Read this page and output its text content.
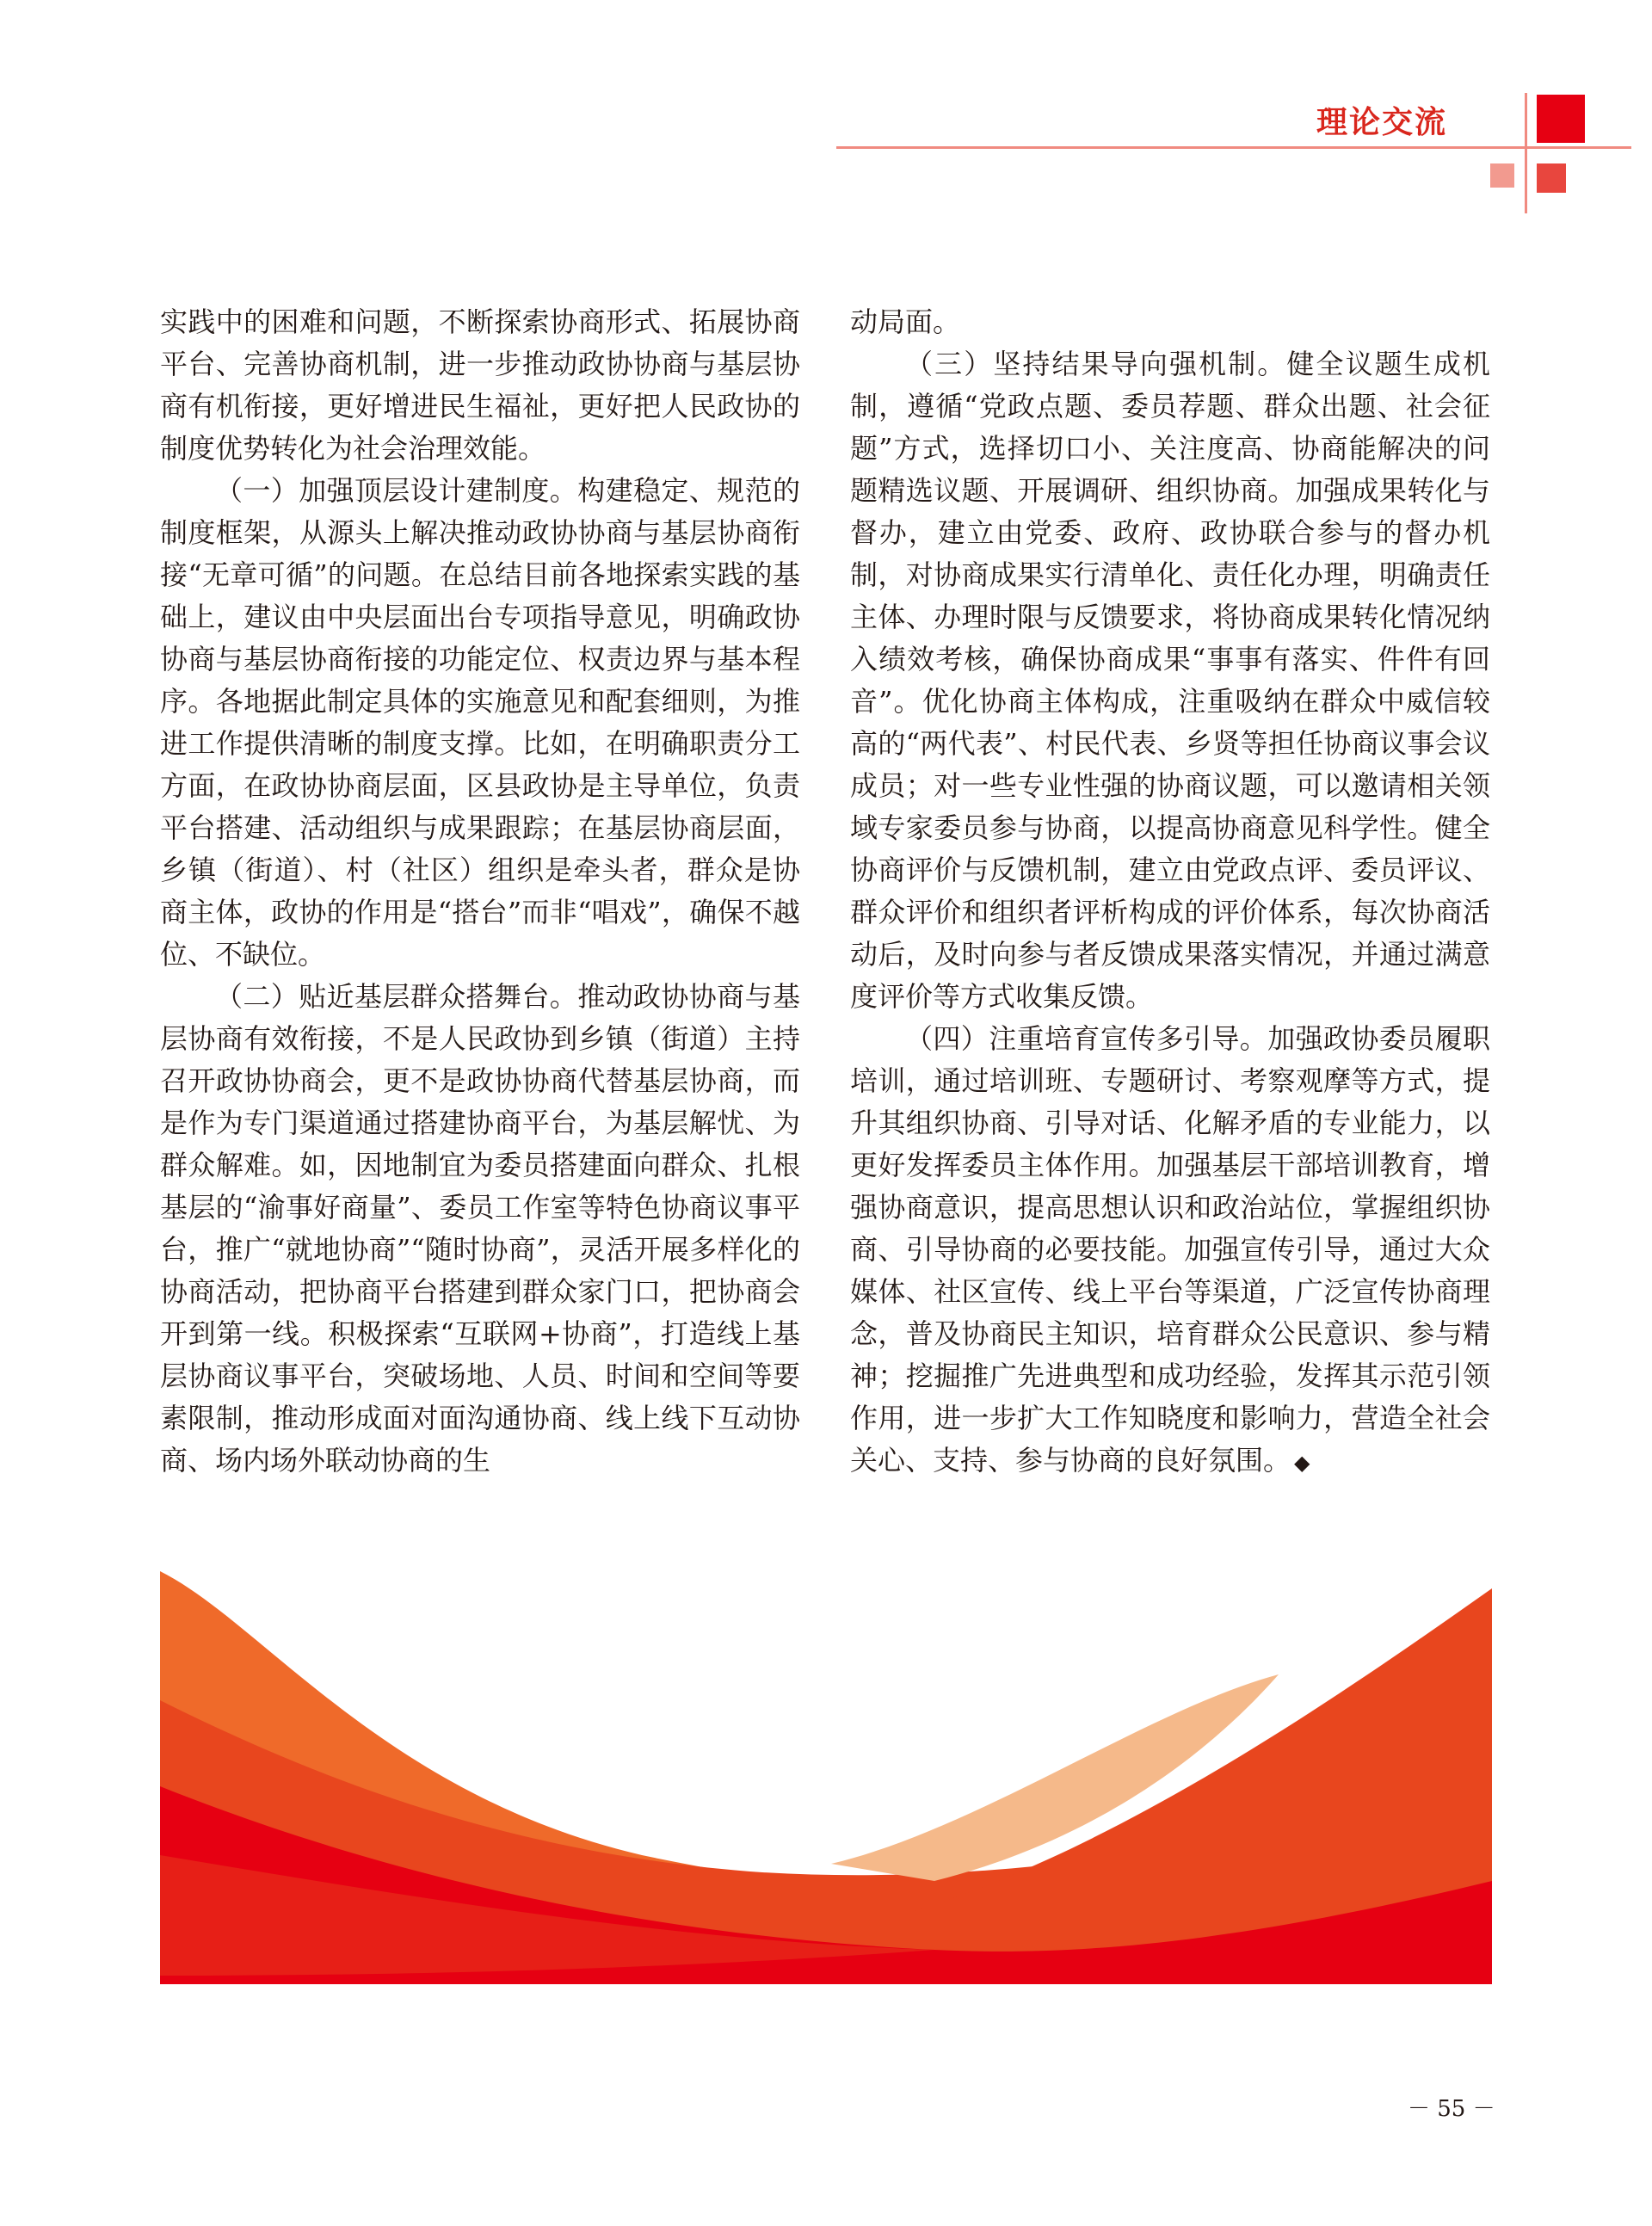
理论交流

实践中的困难和问题，不断探索协商形式、拓展协商平台、完善协商机制，进一步推动政协协商与基层协商有机衔接，更好增进民生福祉，更好把人民政协的制度优势转化为社会治理效能。

（一）加强顶层设计建制度。构建稳定、规范的制度框架，从源头上解决推动政协协商与基层协商衔接“无章可循”的问题。在总结目前各地探索实践的基础上，建议由中央层面出台专项指导意见，明确政协协商与基层协商衔接的功能定位、权责边界与基本程序。各地据此制定具体的实施意见和配套细则，为推进工作提供清晰的制度支撑。比如，在明确职责分工方面，在政协协商层面，区县政协是主导单位，负责平台搭建、活动组织与成果跟踪；在基层协商层面，乡镇（街道）、村（社区）组织是牵头者，群众是协商主体，政协的作用是“搭台”而非“唱戏”，确保不越位、不缺位。

（二）贴近基层群众搭舞台。推动政协协商与基层协商有效衔接，不是人民政协到乡镇（街道）主持召开政协协商会，更不是政协协商代替基层协商，而是作为专门渠道通过搭建协商平台，为基层解忧、为群众解难。如，因地制宜为委员搭建面向群众、扎根基层的“渝事好商量”、委员工作室等特色协商议事平台，推广“就地协商”“随时协商”，灵活开展多样化的协商活动，把协商平台搭建到群众家门口，把协商会开到第一线。积极探索“互联网+协商”，打造线上基层协商议事平台，突破场地、人员、时间和空间等要素限制，推动形成面对面沟通协商、线上线下互动协商、场内场外联动协商的生

动局面。

（三）坚持结果导向强机制。健全议题生成机制，遵循“党政点题、委员荐题、群众出题、社会征题”方式，选择切口小、关注度高、协商能解决的问题精选议题、开展调研、组织协商。加强成果转化与督办，建立由党委、政府、政协联合参与的督办机制，对协商成果实行清单化、责任化办理，明确责任主体、办理时限与反馈要求，将协商成果转化情况纳入绩效考核，确保协商成果“事事有落实、件件有回音”。优化协商主体构成，注重吸纳在群众中威信较高的“两代表”、村民代表、乡贤等担任协商议事会议成员；对一些专业性强的协商议题，可以邀请相关领域专家委员参与协商，以提高协商意见科学性。健全协商评价与反馈机制，建立由党政点评、委员评议、群众评价和组织者评析构成的评价体系，每次协商活动后，及时向参与者反馈成果落实情况，并通过满意度评价等方式收集反馈。

（四）注重培育宣传多引导。加强政协委员履职培训，通过培训班、专题研讨、考察观摩等方式，提升其组织协商、引导对话、化解矛盾的专业能力，以更好发挥委员主体作用。加强基层干部培训教育，增强协商意识，提高思想认识和政治站位，掌握组织协商、引导协商的必要技能。加强宣传引导，通过大众媒体、社区宣传、线上平台等渠道，广泛宣传协商理念，普及协商民主知识，培育群众公民意识、参与精神；挖掘推广先进典型和成功经验，发挥其示范引领作用，进一步扩大工作知晓度和影响力，营造全社会关心、支持、参与协商的良好氛围。 ◆

－ 55 －
